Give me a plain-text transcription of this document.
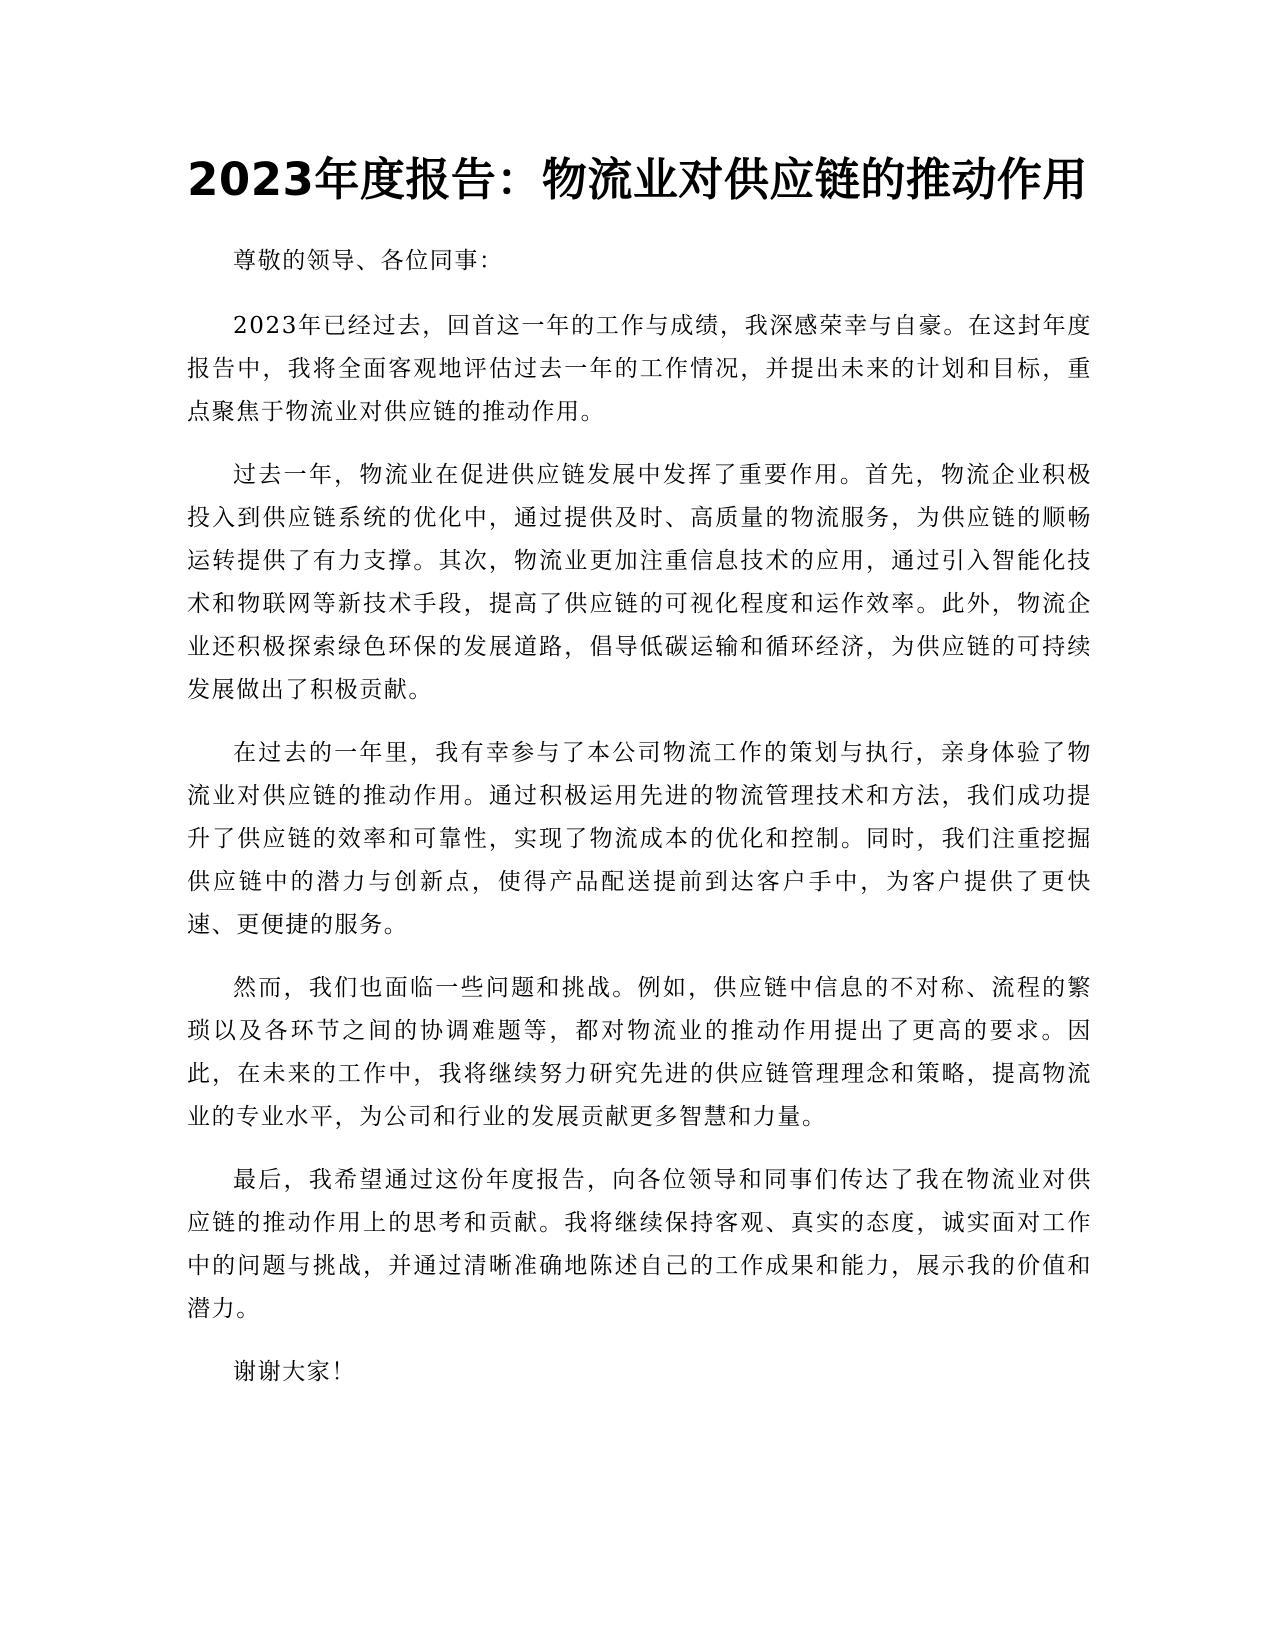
2023年度报告：物流业对供应链的推动作用

尊敬的领导、各位同事：

2023年已经过去，回首这一年的工作与成绩，我深感荣幸与自豪。在这封年度报告中，我将全面客观地评估过去一年的工作情况，并提出未来的计划和目标，重点聚焦于物流业对供应链的推动作用。

过去一年，物流业在促进供应链发展中发挥了重要作用。首先，物流企业积极投入到供应链系统的优化中，通过提供及时、高质量的物流服务，为供应链的顺畅运转提供了有力支撑。其次，物流业更加注重信息技术的应用，通过引入智能化技术和物联网等新技术手段，提高了供应链的可视化程度和运作效率。此外，物流企业还积极探索绿色环保的发展道路，倡导低碳运输和循环经济，为供应链的可持续发展做出了积极贡献。

在过去的一年里，我有幸参与了本公司物流工作的策划与执行，亲身体验了物流业对供应链的推动作用。通过积极运用先进的物流管理技术和方法，我们成功提升了供应链的效率和可靠性，实现了物流成本的优化和控制。同时，我们注重挖掘供应链中的潜力与创新点，使得产品配送提前到达客户手中，为客户提供了更快速、更便捷的服务。

然而，我们也面临一些问题和挑战。例如，供应链中信息的不对称、流程的繁琐以及各环节之间的协调难题等，都对物流业的推动作用提出了更高的要求。因此，在未来的工作中，我将继续努力研究先进的供应链管理理念和策略，提高物流业的专业水平，为公司和行业的发展贡献更多智慧和力量。

最后，我希望通过这份年度报告，向各位领导和同事们传达了我在物流业对供应链的推动作用上的思考和贡献。我将继续保持客观、真实的态度，诚实面对工作中的问题与挑战，并通过清晰准确地陈述自己的工作成果和能力，展示我的价值和潜力。

谢谢大家！
